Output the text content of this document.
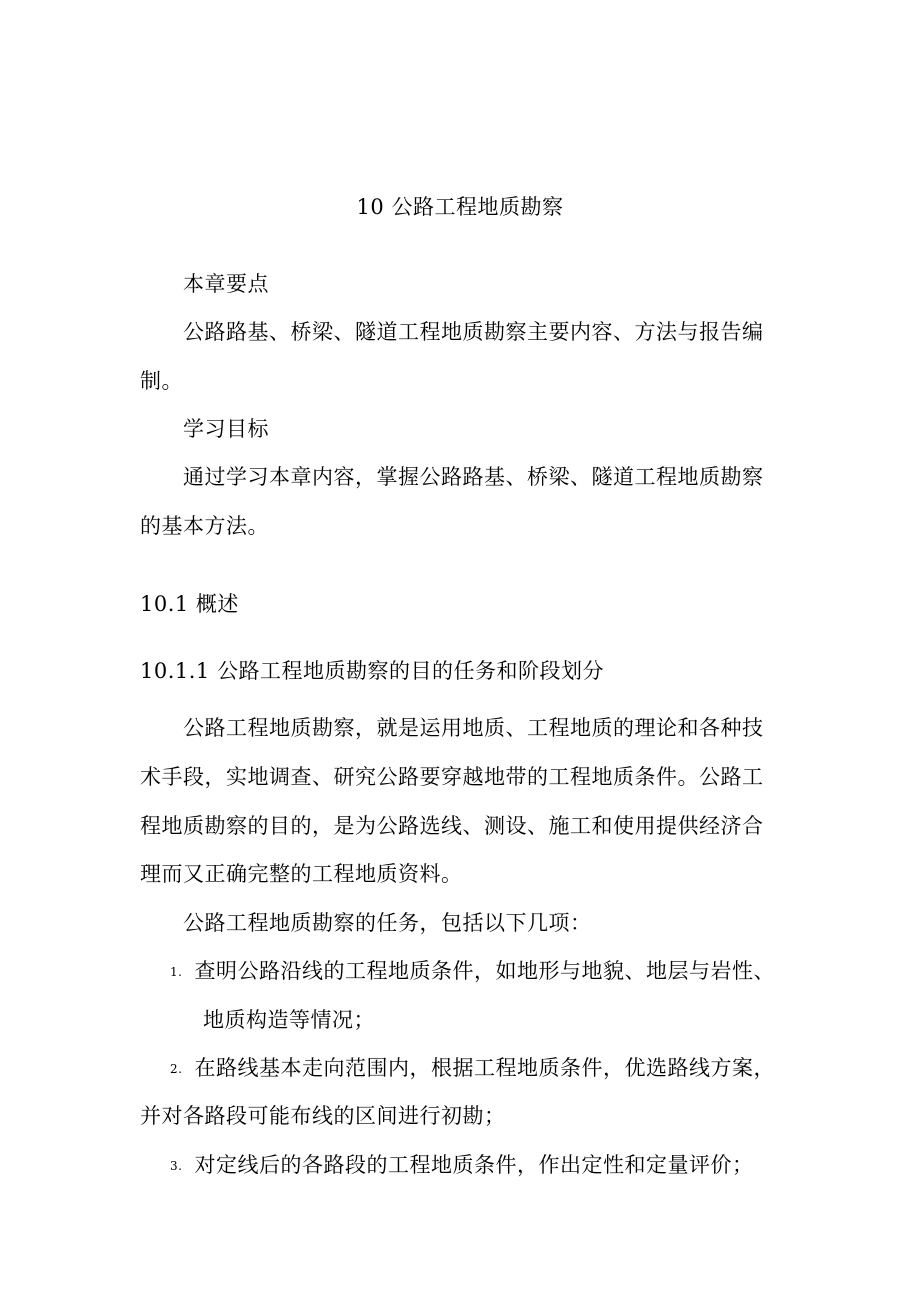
10 公路工程地质勘察
本章要点
公路路基、桥梁、隧道工程地质勘察主要内容、方法与报告编
制。
学习目标
通过学习本章内容，掌握公路路基、桥梁、隧道工程地质勘察
的基本方法。
10.1 概述
10.1.1 公路工程地质勘察的目的任务和阶段划分
公路工程地质勘察，就是运用地质、工程地质的理论和各种技
术手段，实地调查、研究公路要穿越地带的工程地质条件。公路工
程地质勘察的目的，是为公路选线、测设、施工和使用提供经济合
理而又正确完整的工程地质资料。
公路工程地质勘察的任务，包括以下几项：
1. 查明公路沿线的工程地质条件，如地形与地貌、地层与岩性、
地质构造等情况；
2. 在路线基本走向范围内，根据工程地质条件，优选路线方案，
并对各路段可能布线的区间进行初勘；
3. 对定线后的各路段的工程地质条件，作出定性和定量评价；
